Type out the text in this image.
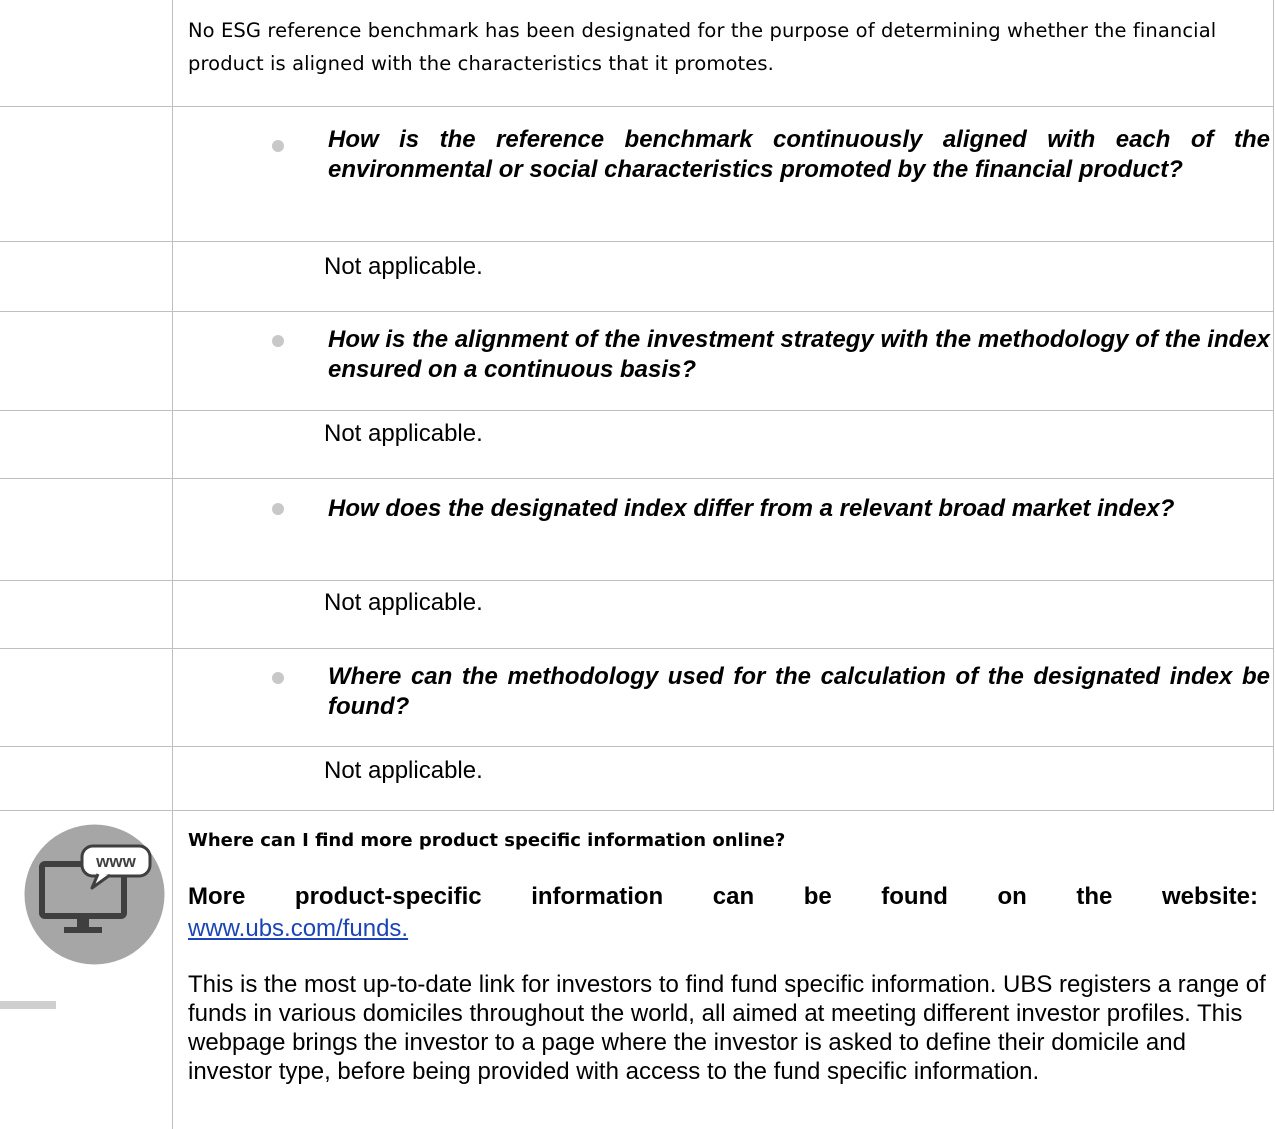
No ESG reference benchmark has been designated for the purpose of determining whether the financial product is aligned with the characteristics that it promotes.
How is the reference benchmark continuously aligned with each of the environmental or social characteristics promoted by the financial product?
Not applicable.
How is the alignment of the investment strategy with the methodology of the index ensured on a continuous basis?
Not applicable.
How does the designated index differ from a relevant broad market index?
Not applicable.
Where can the methodology used for the calculation of the designated index be found?
Not applicable.
www
Where can I find more product specific information online?
More product-specific information can be found on the website:
www.ubs.com/funds.
This is the most up-to-date link for investors to find fund specific information. UBS registers a range of funds in various domiciles throughout the world, all aimed at meeting different investor profiles. This webpage brings the investor to a page where the investor is asked to define their domicile and investor type, before being provided with access to the fund specific information.
